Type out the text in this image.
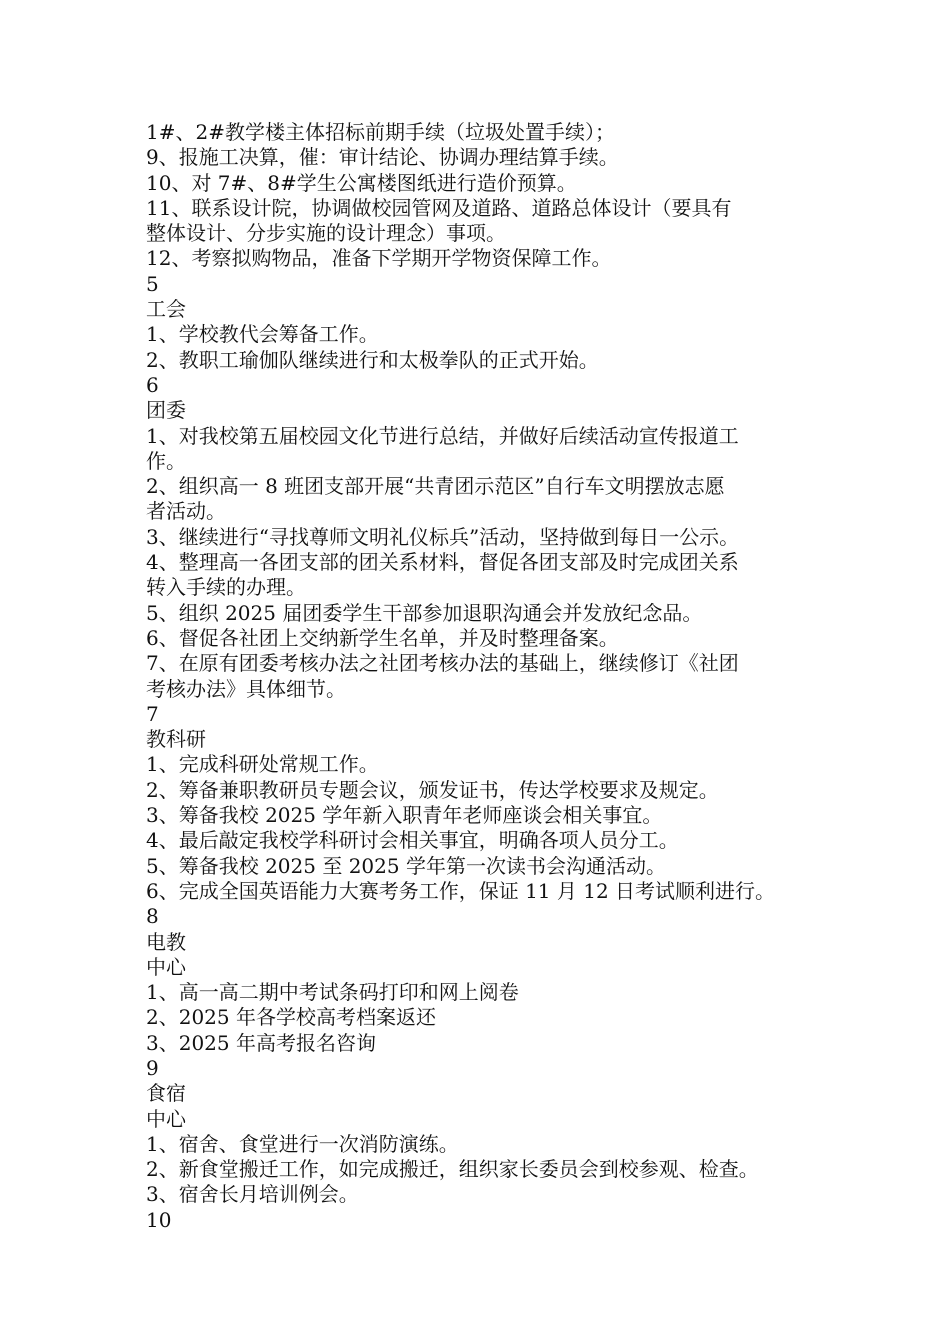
1#、2#教学楼主体招标前期手续（垃圾处置手续）；
9、报施工决算，催：审计结论、协调办理结算手续。
10、对 7#、8#学生公寓楼图纸进行造价预算。
11、联系设计院，协调做校园管网及道路、道路总体设计（要具有
整体设计、分步实施的设计理念）事项。
12、考察拟购物品，准备下学期开学物资保障工作。
5
工会
1、学校教代会筹备工作。
2、教职工瑜伽队继续进行和太极拳队的正式开始。
6
团委
1、对我校第五届校园文化节进行总结，并做好后续活动宣传报道工
作。
2、组织高一 8 班团支部开展“共青团示范区”自行车文明摆放志愿
者活动。
3、继续进行“寻找尊师文明礼仪标兵”活动，坚持做到每日一公示。
4、整理高一各团支部的团关系材料，督促各团支部及时完成团关系
转入手续的办理。
5、组织 2025 届团委学生干部参加退职沟通会并发放纪念品。
6、督促各社团上交纳新学生名单，并及时整理备案。
7、在原有团委考核办法之社团考核办法的基础上，继续修订《社团
考核办法》具体细节。
7
教科研
1、完成科研处常规工作。
2、筹备兼职教研员专题会议，颁发证书，传达学校要求及规定。
3、筹备我校 2025 学年新入职青年老师座谈会相关事宜。
4、最后敲定我校学科研讨会相关事宜，明确各项人员分工。
5、筹备我校 2025 至 2025 学年第一次读书会沟通活动。
6、完成全国英语能力大赛考务工作，保证 11 月 12 日考试顺利进行。
8
电教
中心
1、高一高二期中考试条码打印和网上阅卷
2、2025 年各学校高考档案返还
3、2025 年高考报名咨询
9
食宿
中心
1、宿舍、食堂进行一次消防演练。
2、新食堂搬迁工作，如完成搬迁，组织家长委员会到校参观、检查。
3、宿舍长月培训例会。
10
